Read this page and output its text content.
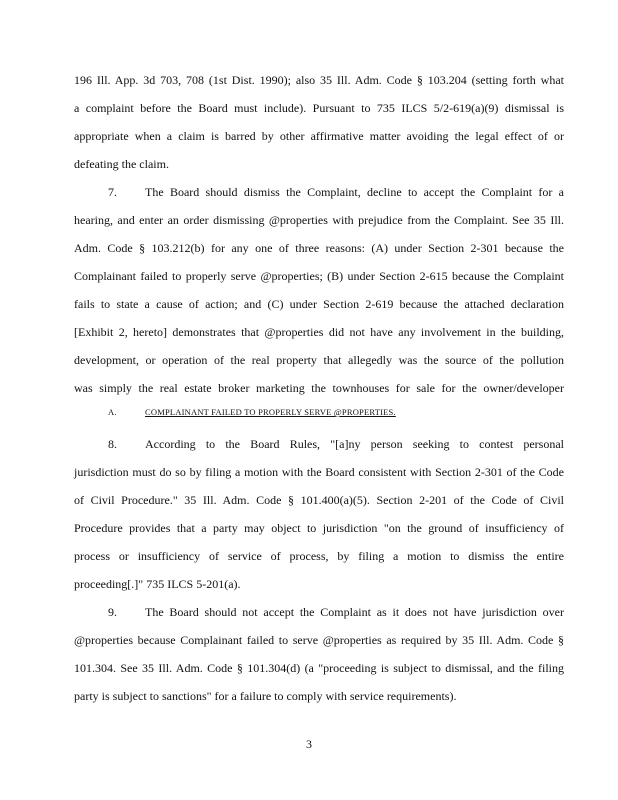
196 Ill. App. 3d 703, 708 (1st Dist. 1990); also 35 Ill. Adm. Code § 103.204 (setting forth what
a complaint before the Board must include). Pursuant to 735 ILCS 5/2-619(a)(9) dismissal is
appropriate when a claim is barred by other affirmative matter avoiding the legal effect of or
defeating the claim.
7. The Board should dismiss the Complaint, decline to accept the Complaint for a
hearing, and enter an order dismissing @properties with prejudice from the Complaint. See 35 Ill.
Adm. Code § 103.212(b) for any one of three reasons: (A) under Section 2-301 because the
Complainant failed to properly serve @properties; (B) under Section 2-615 because the Complaint
fails to state a cause of action; and (C) under Section 2-619 because the attached declaration
[Exhibit 2, hereto] demonstrates that @properties did not have any involvement in the building,
development, or operation of the real property that allegedly was the source of the pollution
was simply the real estate broker marketing the townhouses for sale for the owner/developer
A.	COMPLAINANT FAILED TO PROPERLY SERVE @PROPERTIES.
8. According to the Board Rules, "[a]ny person seeking to contest personal
jurisdiction must do so by filing a motion with the Board consistent with Section 2-301 of the Code
of Civil Procedure." 35 Ill. Adm. Code § 101.400(a)(5). Section 2-201 of the Code of Civil
Procedure provides that a party may object to jurisdiction "on the ground of insufficiency of
process or insufficiency of service of process, by filing a motion to dismiss the entire
proceeding[.]" 735 ILCS 5-201(a).
9. The Board should not accept the Complaint as it does not have jurisdiction over
@properties because Complainant failed to serve @properties as required by 35 Ill. Adm. Code §
101.304. See 35 Ill. Adm. Code § 101.304(d) (a "proceeding is subject to dismissal, and the filing
party is subject to sanctions" for a failure to comply with service requirements).
3
